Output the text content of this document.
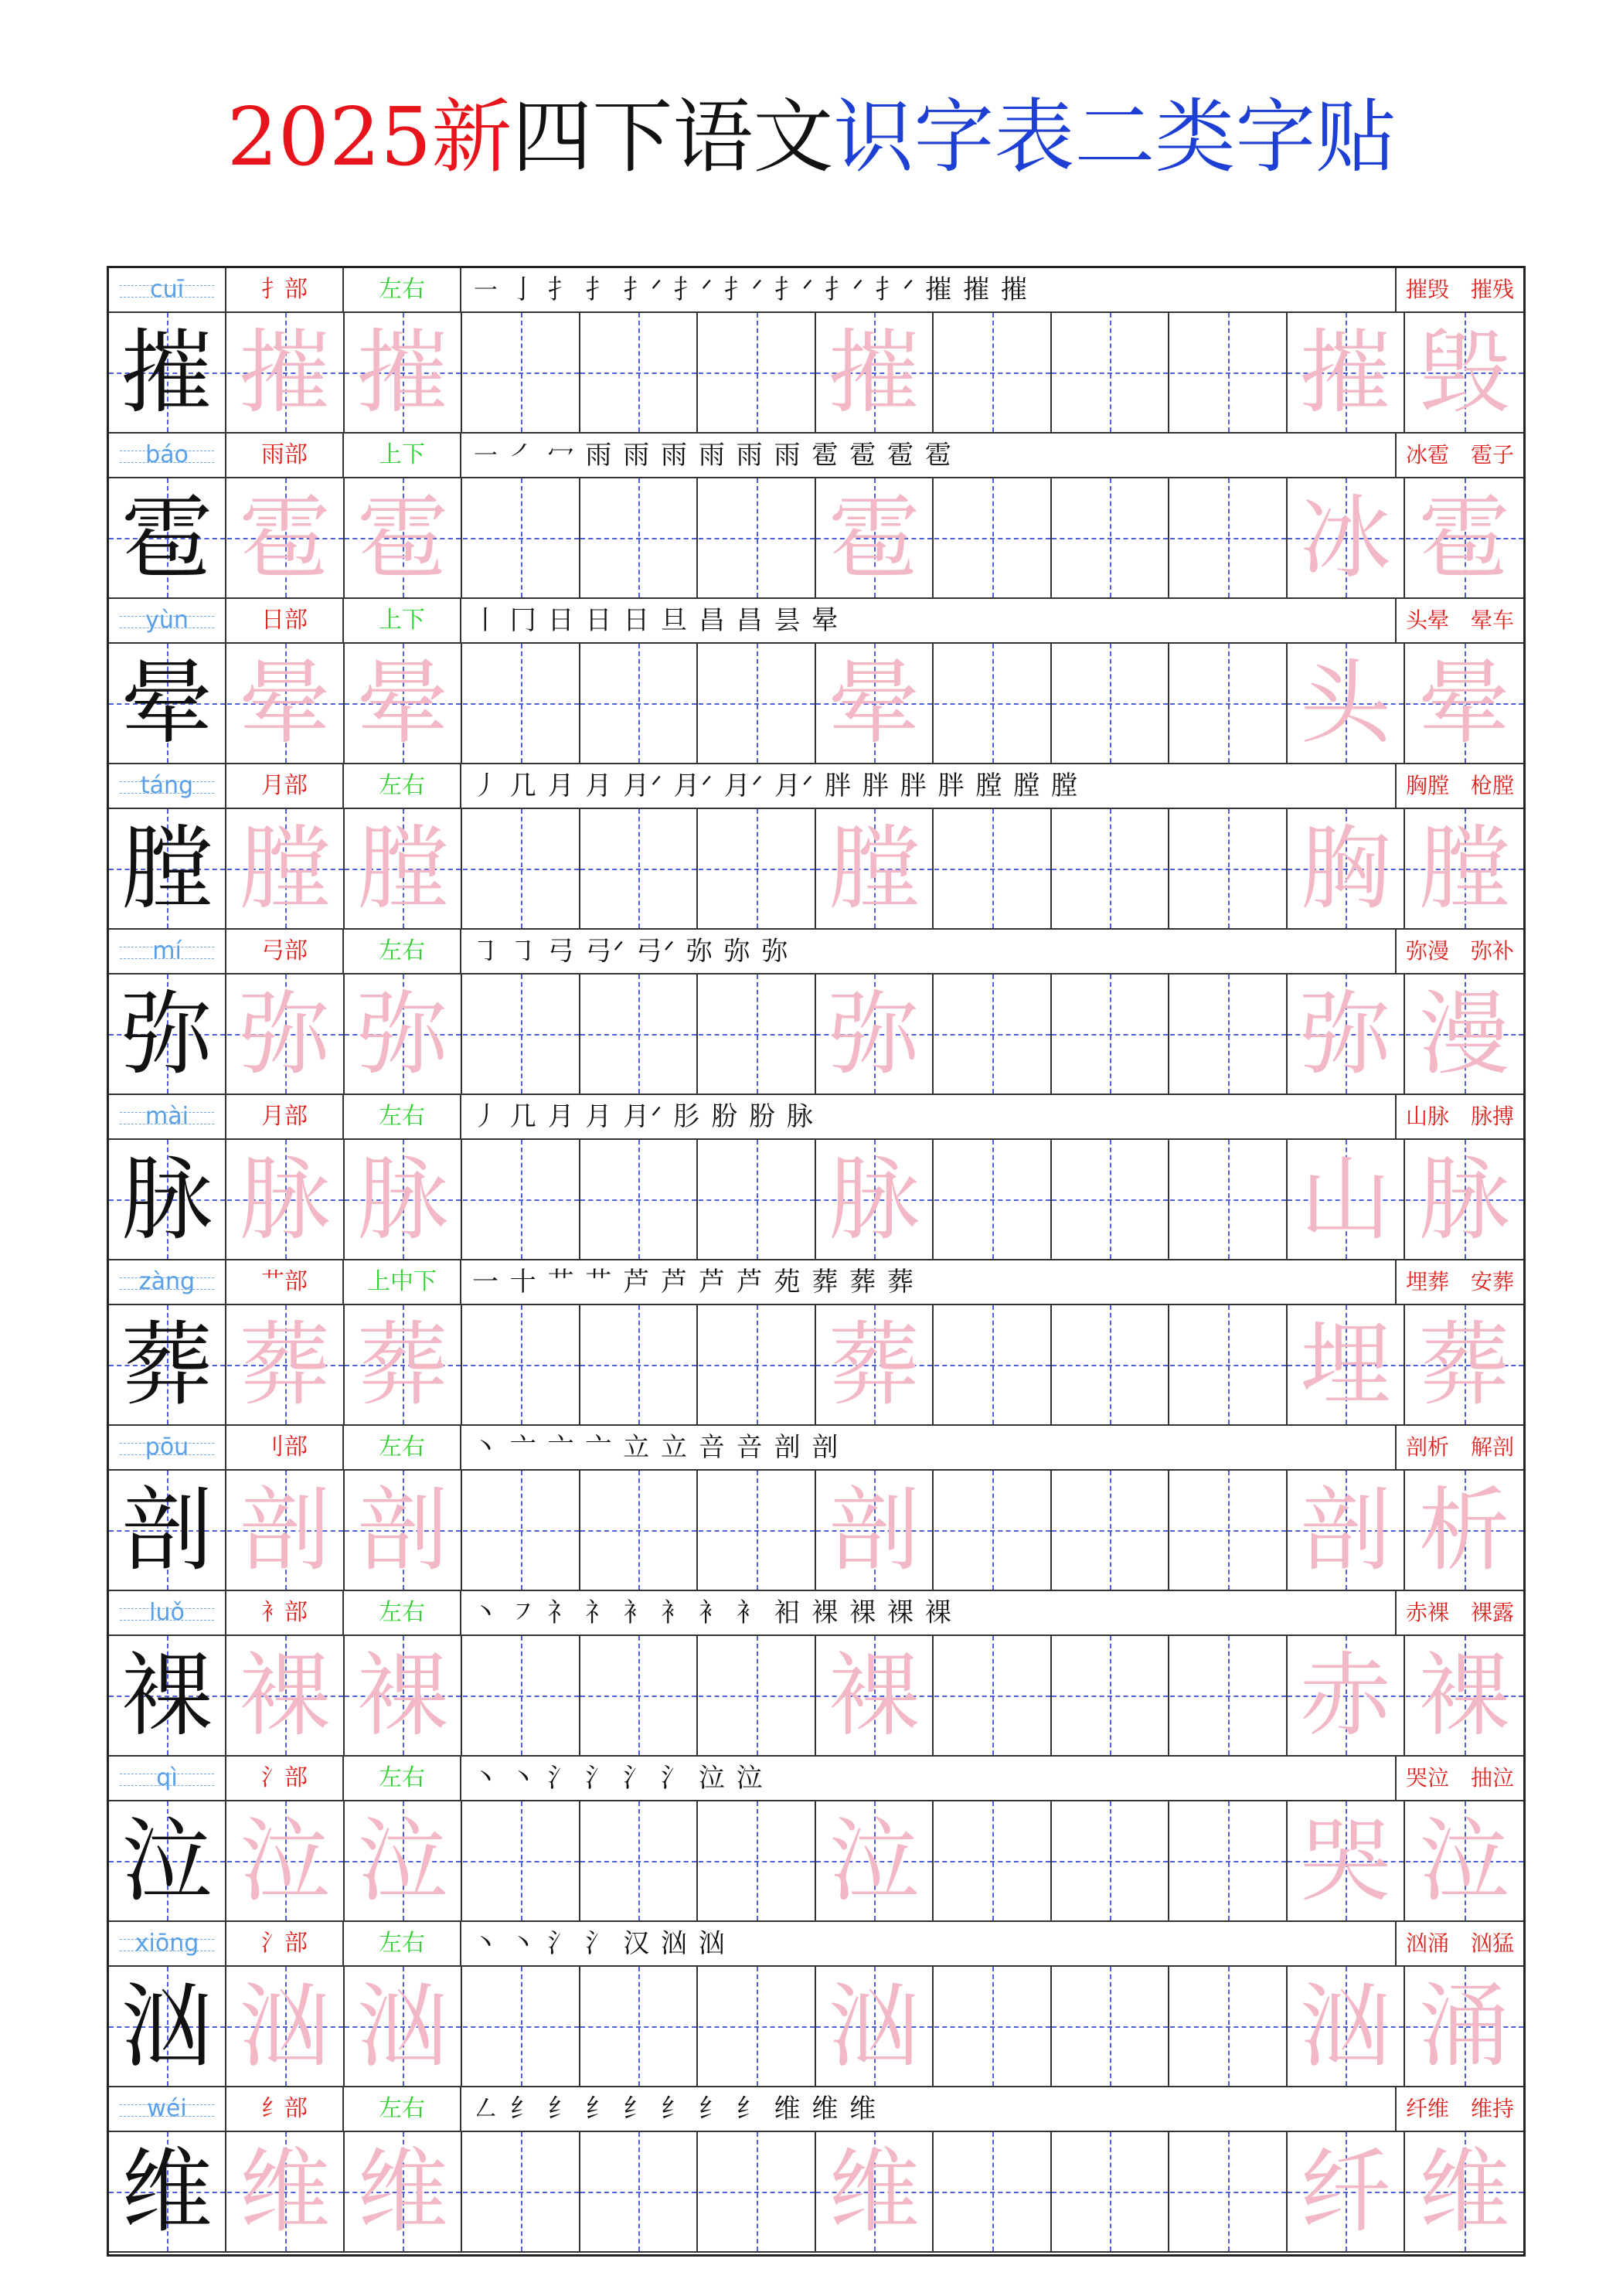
2025新四下语文识字表二类字贴
cuī	扌部	左右	㇐ 亅 扌 扌 扌ᐟ 扌ᐟ 扌ᐟ 扌ᐟ 扌ᐟ 扌ᐟ 摧 摧 摧	摧毁　摧残
摧 摧 摧	摧	摧 毁
báo	雨部	上下	㇐ ㇒ 冖 雨 雨 雨 雨 雨 雨 雹 雹 雹 雹	冰雹　雹子
雹 雹 雹	雹	冰 雹
yùn	日部	上下	丨 冂 日 日 日 旦 昌 昌 昙 晕	头晕　晕车
晕 晕 晕	晕	头 晕
táng	月部	左右	丿 几 月 月 月ᐟ 月ᐟ 月ᐟ 月ᐟ 胖 胖 胖 胖 膛 膛 膛	胸膛　枪膛
膛 膛 膛	膛	胸 膛
mí	弓部	左右	㇆ ㇆ 弓 弓ᐟ 弓ᐟ 弥 弥 弥	弥漫　弥补
弥 弥 弥	弥	弥 漫
mài	月部	左右	丿 几 月 月 月ᐟ 肜 肦 肦 脉	山脉　脉搏
脉 脉 脉	脉	山 脉
zàng	艹部	上中下	一 十 艹 艹 芦 芦 芦 芦 苑 葬 葬 葬	埋葬　安葬
葬 葬 葬	葬	埋 葬
pōu	刂部	左右	丶 亠 亠 亠 立 立 咅 咅 剖 剖	剖析　解剖
剖 剖 剖	剖	剖 析
luǒ	衤部	左右	丶 ㇇ 礻 礻 衤 衤 衤 衤 衵 裸 裸 裸 裸	赤裸　裸露
裸 裸 裸	裸	赤 裸
qì	氵部	左右	丶 丶 氵 氵 氵 氵 泣 泣	哭泣　抽泣
泣 泣 泣	泣	哭 泣
xiōng	氵部	左右	丶 丶 氵 氵 汉 汹 汹	汹涌　汹猛
汹 汹 汹	汹	汹 涌
wéi	纟部	左右	㇜ 纟 纟 纟 纟 纟 纟 纟 维 维 维	纤维　维持
维 维 维	维	纤 维
